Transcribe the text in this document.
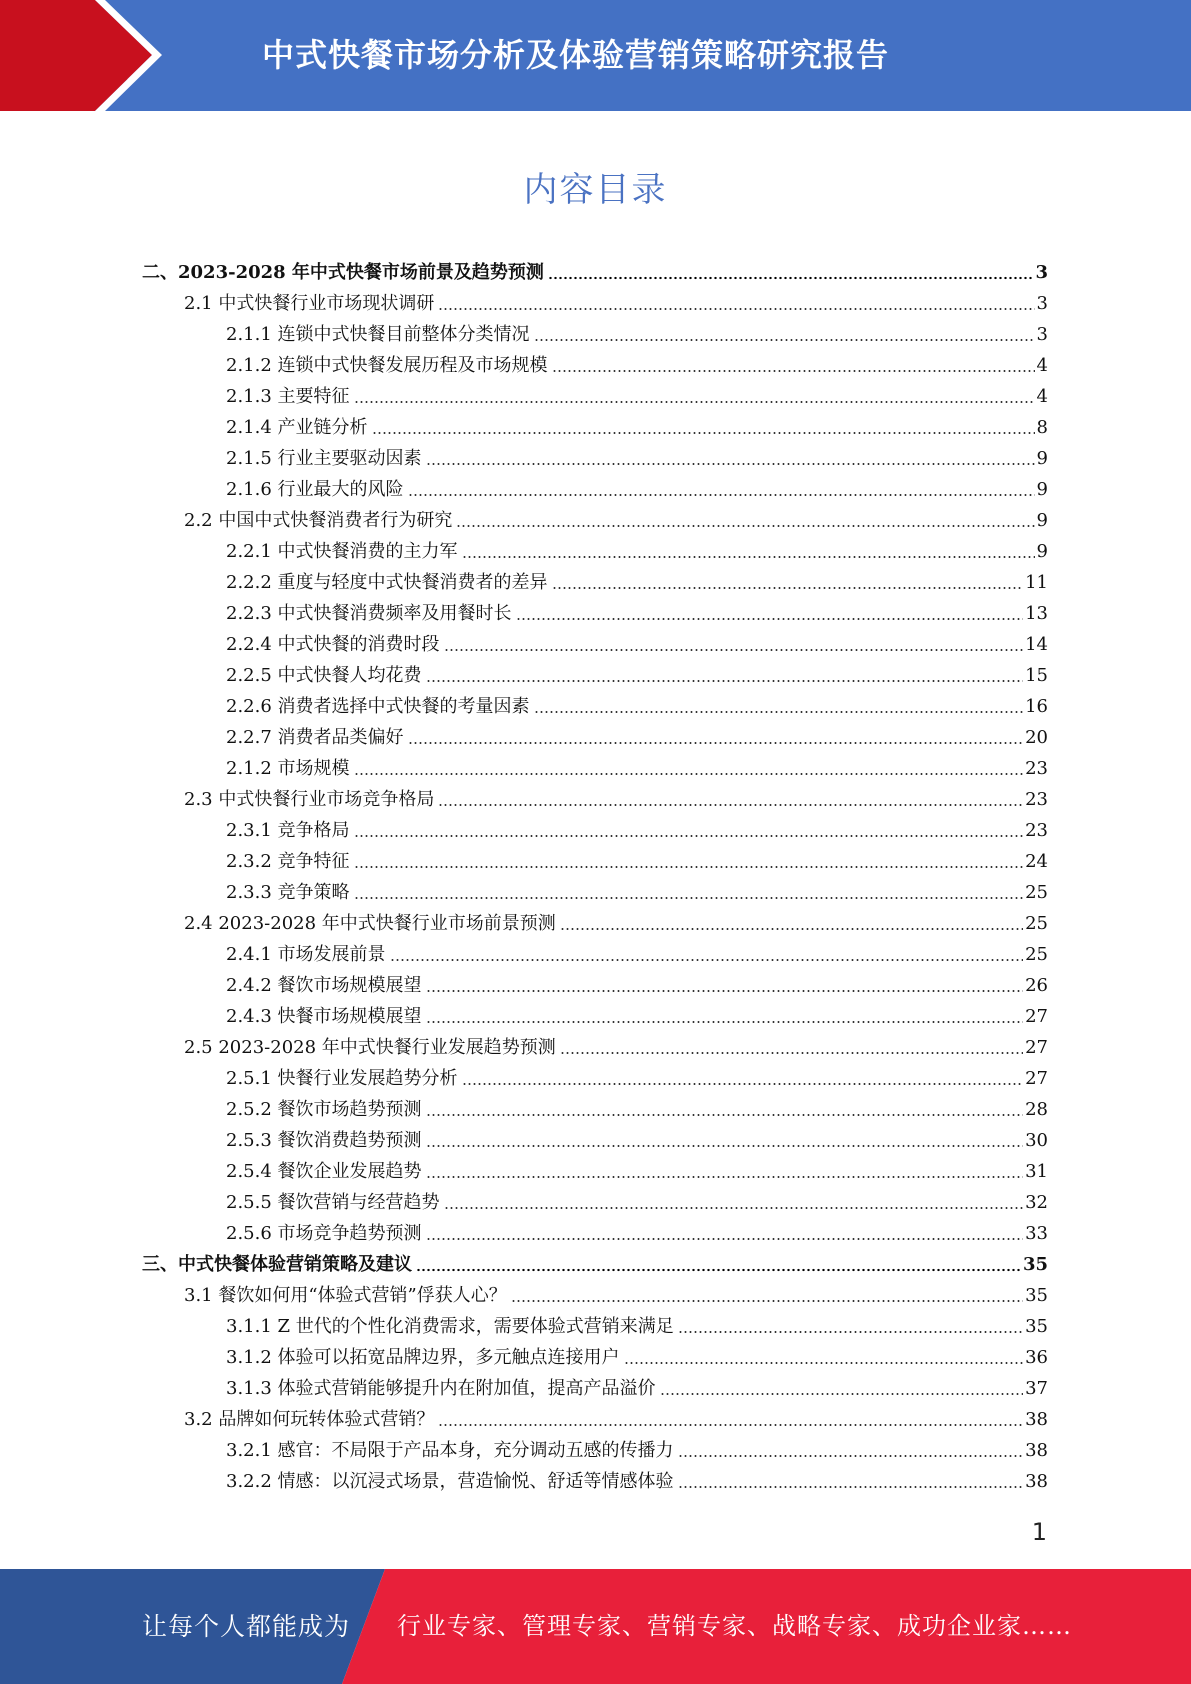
中式快餐市场分析及体验营销策略研究报告
内容目录
二、2023-2028 年中式快餐市场前景及趋势预测	3
2.1 中式快餐行业市场现状调研	3
2.1.1 连锁中式快餐目前整体分类情况	3
2.1.2 连锁中式快餐发展历程及市场规模	4
2.1.3 主要特征	4
2.1.4 产业链分析	8
2.1.5 行业主要驱动因素	9
2.1.6 行业最大的风险	9
2.2 中国中式快餐消费者行为研究	9
2.2.1 中式快餐消费的主力军	9
2.2.2 重度与轻度中式快餐消费者的差异	11
2.2.3 中式快餐消费频率及用餐时长	13
2.2.4 中式快餐的消费时段	14
2.2.5 中式快餐人均花费	15
2.2.6 消费者选择中式快餐的考量因素	16
2.2.7 消费者品类偏好	20
2.1.2 市场规模	23
2.3 中式快餐行业市场竞争格局	23
2.3.1 竞争格局	23
2.3.2 竞争特征	24
2.3.3 竞争策略	25
2.4 2023-2028 年中式快餐行业市场前景预测	25
2.4.1 市场发展前景	25
2.4.2 餐饮市场规模展望	26
2.4.3 快餐市场规模展望	27
2.5 2023-2028 年中式快餐行业发展趋势预测	27
2.5.1 快餐行业发展趋势分析	27
2.5.2 餐饮市场趋势预测	28
2.5.3 餐饮消费趋势预测	30
2.5.4 餐饮企业发展趋势	31
2.5.5 餐饮营销与经营趋势	32
2.5.6 市场竞争趋势预测	33
三、中式快餐体验营销策略及建议	35
3.1 餐饮如何用“体验式营销”俘获人心？	35
3.1.1 Z 世代的个性化消费需求，需要体验式营销来满足	35
3.1.2 体验可以拓宽品牌边界，多元触点连接用户	36
3.1.3 体验式营销能够提升内在附加值，提高产品溢价	37
3.2 品牌如何玩转体验式营销？	38
3.2.1 感官：不局限于产品本身，充分调动五感的传播力	38
3.2.2 情感：以沉浸式场景，营造愉悦、舒适等情感体验	38
1
让每个人都能成为 行业专家、管理专家、营销专家、战略专家、成功企业家……
